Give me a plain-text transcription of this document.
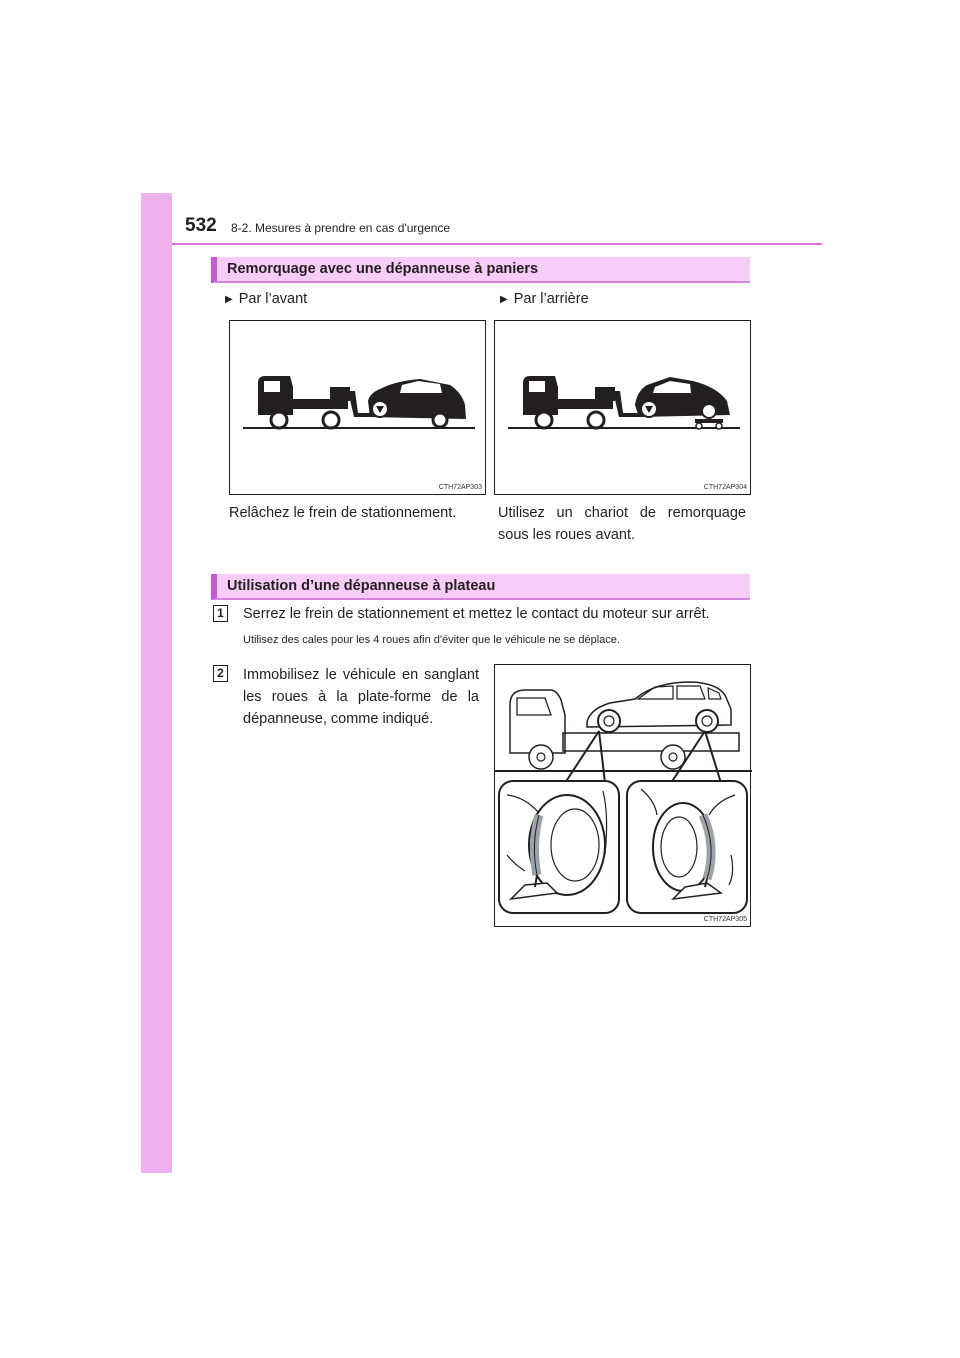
532 8-2. Mesures à prendre en cas d'urgence
Remorquage avec une dépanneuse à paniers
▶ Par l’avant	▶ Par l’arrière
CTH72AP303	CTH72AP304
Relâchez le frein de stationnement.	Utilisez un chariot de remorquage sous les roues avant.
Utilisation d’une dépanneuse à plateau
1 Serrez le frein de stationnement et mettez le contact du moteur sur arrêt.
Utilisez des cales pour les 4 roues afin d'éviter que le véhicule ne se déplace.
2 Immobilisez le véhicule en sanglant les roues à la plate-forme de la dépanneuse, comme indiqué.
CTH72AP305
